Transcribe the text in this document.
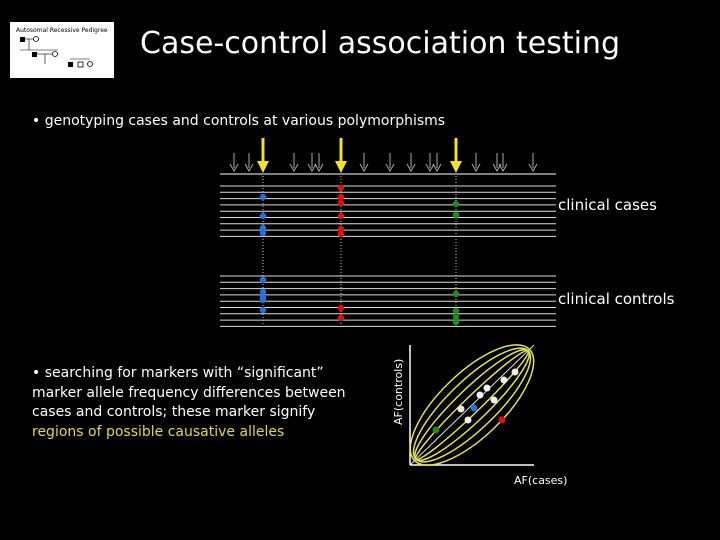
Autosomal Recessive Pedigree Case-control association testing
• genotyping cases and controls at various polymorphisms
clinical cases
clinical controls
• searching for markers with “significant” marker allele frequency differences between cases and controls; these marker signify regions of possible causative alleles
AF(controls)
AF(cases)
